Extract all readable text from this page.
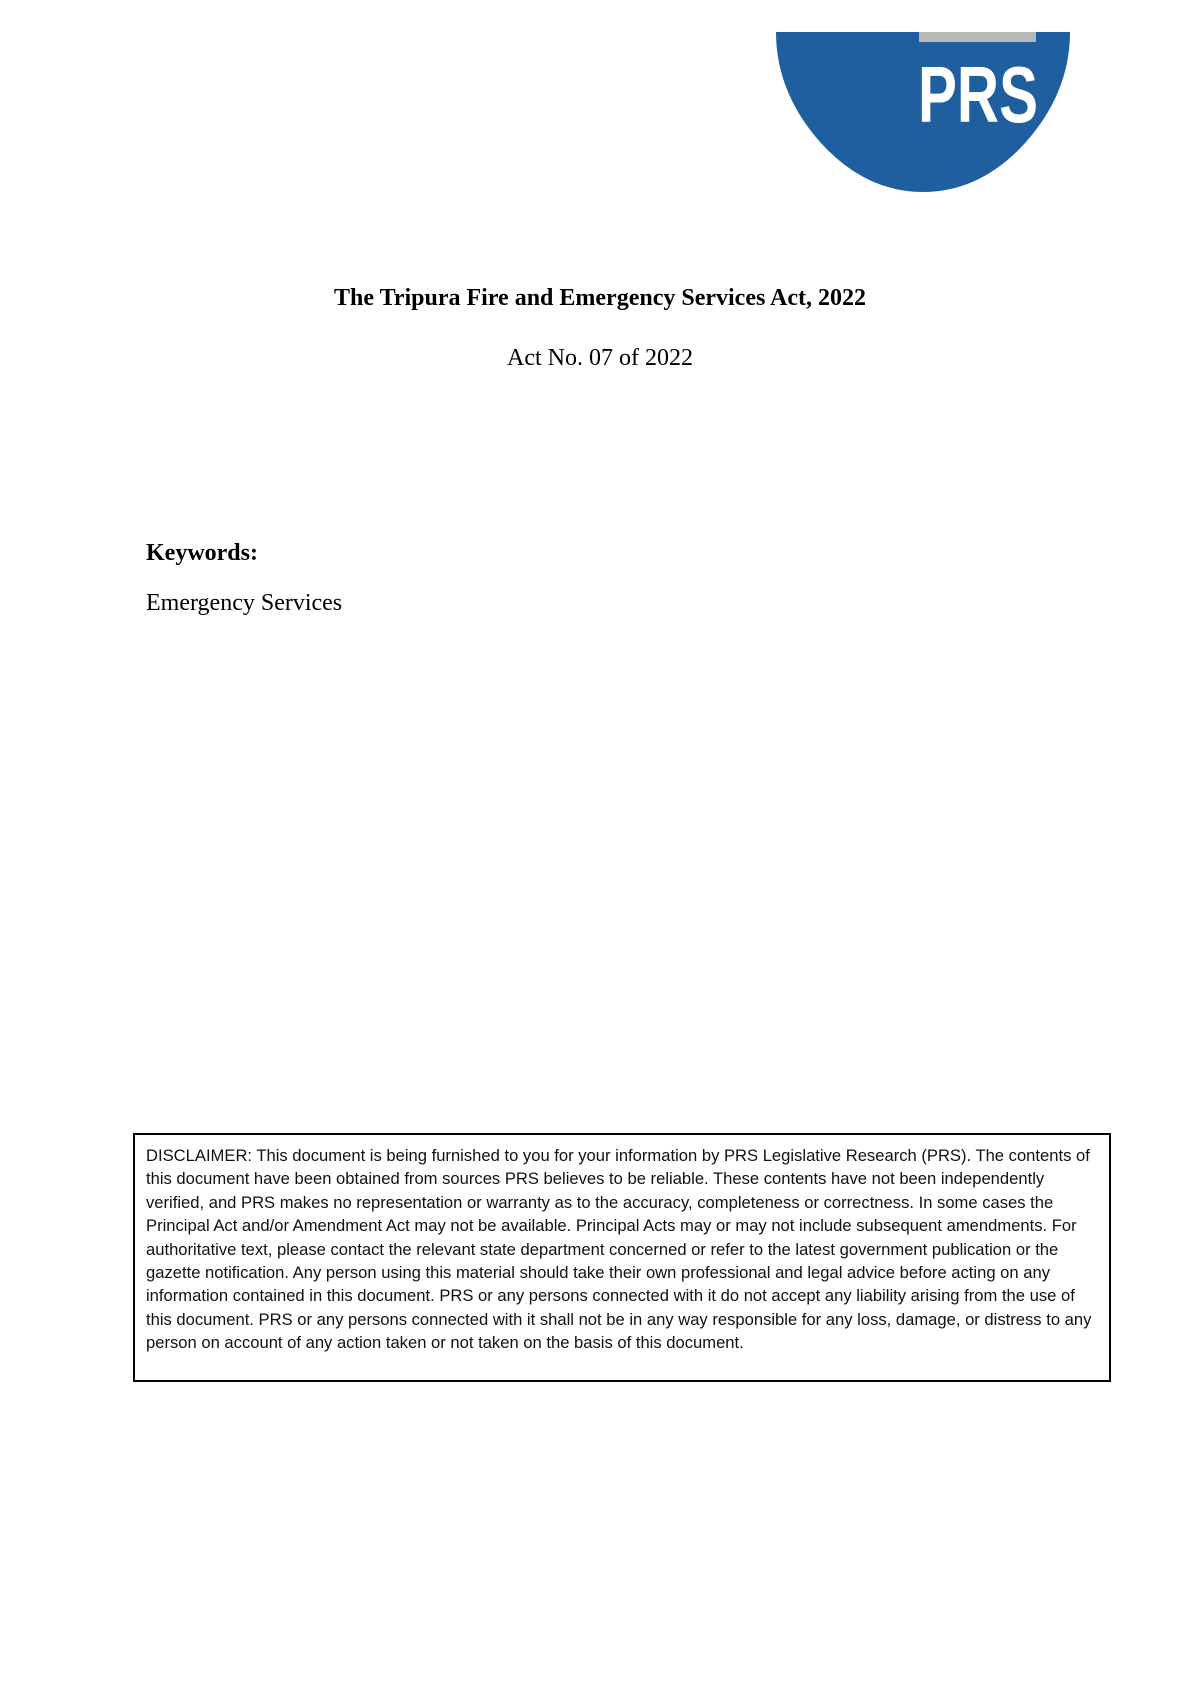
PRS
The Tripura Fire and Emergency Services Act, 2022
Act No. 07 of 2022
Keywords:
Emergency Services

DISCLAIMER: This document is being furnished to you for your information by PRS Legislative Research (PRS). The contents of this document have been obtained from sources PRS believes to be reliable. These contents have not been independently verified, and PRS makes no representation or warranty as to the accuracy, completeness or correctness. In some cases the Principal Act and/or Amendment Act may not be available. Principal Acts may or may not include subsequent amendments. For authoritative text, please contact the relevant state department concerned or refer to the latest government publication or the gazette notification. Any person using this material should take their own professional and legal advice before acting on any information contained in this document. PRS or any persons connected with it do not accept any liability arising from the use of this document. PRS or any persons connected with it shall not be in any way responsible for any loss, damage, or distress to any person on account of any action taken or not taken on the basis of this document.
